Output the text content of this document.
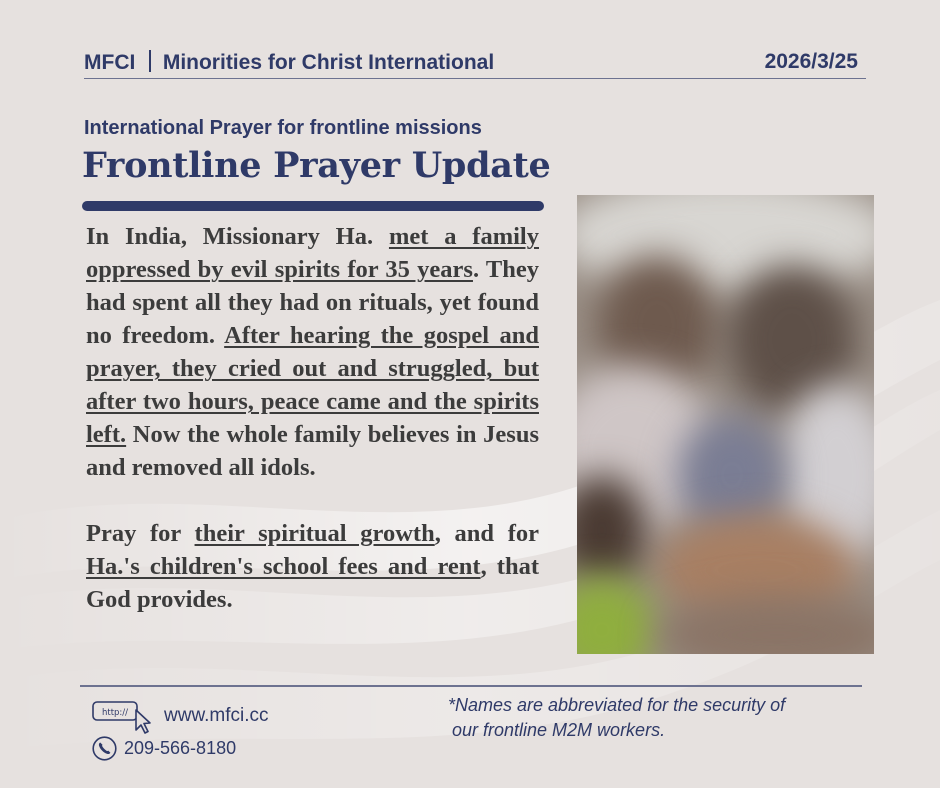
MFCI Minorities for Christ International	2026/3/25
International Prayer for frontline missions
Frontline Prayer Update

In India, Missionary Ha. met a family oppressed by evil spirits for 35 years. They had spent all they had on rituals, yet found no freedom. After hearing the gospel and prayer, they cried out and struggled, but after two hours, peace came and the spirits left. Now the whole family believes in Jesus and removed all idols.

Pray for their spiritual growth, and for Ha.'s children's school fees and rent, that God provides.

http:// www.mfci.cc
209-566-8180
*Names are abbreviated for the security of
our frontline M2M workers.
